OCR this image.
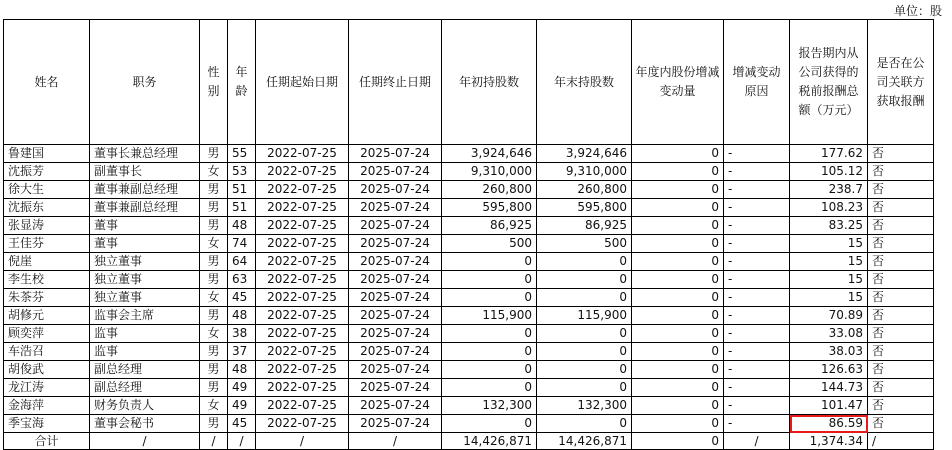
单位：股
姓名	职务	性别	年龄	任期起始日期	任期终止日期	年初持股数	年末持股数	年度内股份增减变动量	增减变动原因	报告期内从公司获得的税前报酬总额（万元）	是否在公司关联方获取报酬
鲁建国	董事长兼总经理	男	55	2022-07-25	2025-07-24	3,924,646	3,924,646	0	-	177.62	否
沈振芳	副董事长	女	53	2022-07-25	2025-07-24	9,310,000	9,310,000	0	-	105.12	否
徐大生	董事兼副总经理	男	51	2022-07-25	2025-07-24	260,800	260,800	0	-	238.7	否
沈振东	董事兼副总经理	男	51	2022-07-25	2025-07-24	595,800	595,800	0	-	108.23	否
张显涛	董事	男	48	2022-07-25	2025-07-24	86,925	86,925	0	-	83.25	否
王佳芬	董事	女	74	2022-07-25	2025-07-24	500	500	0	-	15	否
倪崖	独立董事	男	64	2022-07-25	2025-07-24	0	0	0	-	15	否
李生校	独立董事	男	63	2022-07-25	2025-07-24	0	0	0	-	15	否
朱茶芬	独立董事	女	45	2022-07-25	2025-07-24	0	0	0	-	15	否
胡修元	监事会主席	男	48	2022-07-25	2025-07-24	115,900	115,900	0	-	70.89	否
顾奕萍	监事	女	38	2022-07-25	2025-07-24	0	0	0	-	33.08	否
车浩召	监事	男	37	2022-07-25	2025-07-24	0	0	0	-	38.03	否
胡俊武	副总经理	男	48	2022-07-25	2025-07-24	0	0	0	-	126.63	否
龙江涛	副总经理	男	49	2022-07-25	2025-07-24	0	0	0	-	144.73	否
金海萍	财务负责人	女	49	2022-07-25	2025-07-24	132,300	132,300	0	-	101.47	否
季宝海	董事会秘书	男	45	2022-07-25	2025-07-24	0	0	0	-	86.59	否
合计	/	/	/	/	/	14,426,871	14,426,871	0	/	1,374.34	/
